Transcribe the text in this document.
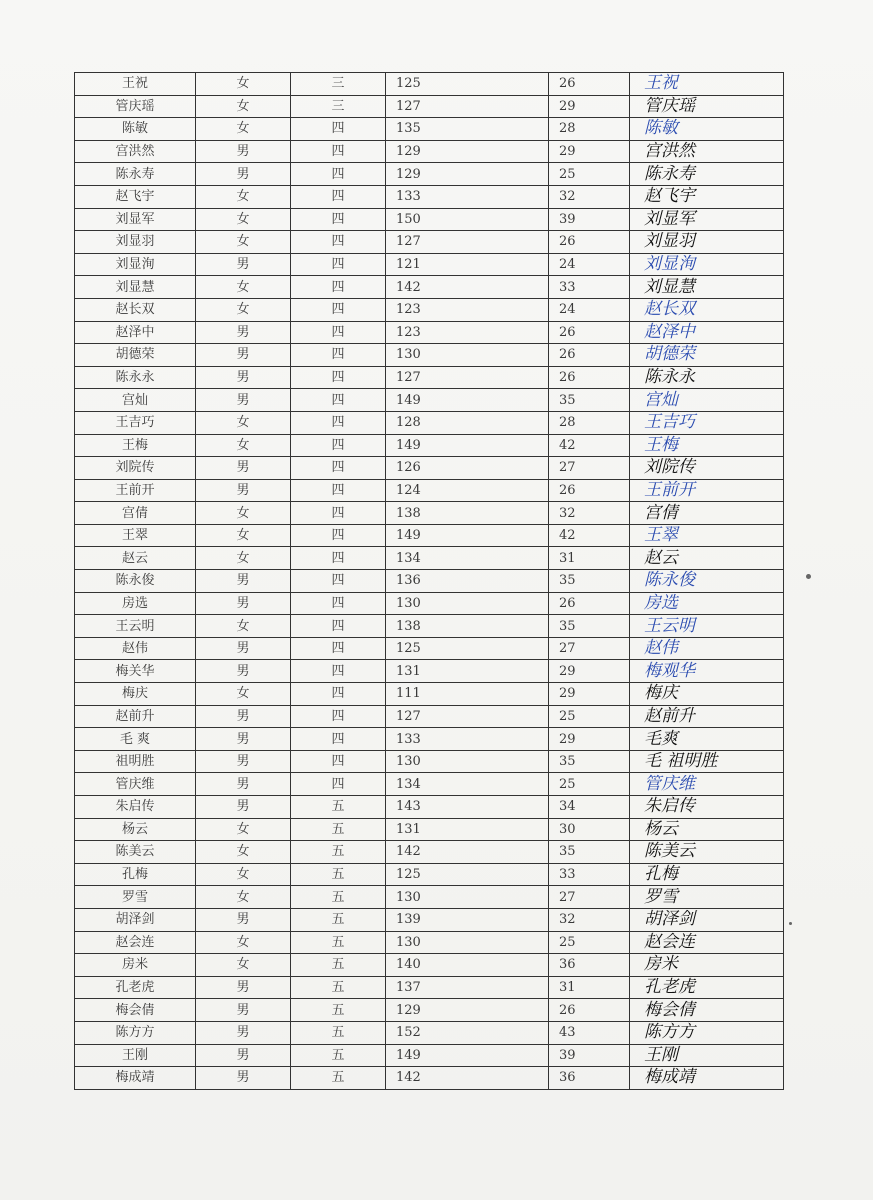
王祝	女	三	125	26	王祝
管庆瑶	女	三	127	29	管庆瑶
陈敏	女	四	135	28	陈敏
宫洪然	男	四	129	29	宫洪然
陈永寿	男	四	129	25	陈永寿
赵飞宇	女	四	133	32	赵飞宇
刘显军	女	四	150	39	刘显军
刘显羽	女	四	127	26	刘显羽
刘显洵	男	四	121	24	刘显洵
刘显慧	女	四	142	33	刘显慧
赵长双	女	四	123	24	赵长双
赵泽中	男	四	123	26	赵泽中
胡德荣	男	四	130	26	胡德荣
陈永永	男	四	127	26	陈永永
宫灿	男	四	149	35	宫灿
王吉巧	女	四	128	28	王吉巧
王梅	女	四	149	42	王梅
刘院传	男	四	126	27	刘院传
王前开	男	四	124	26	王前开
宫倩	女	四	138	32	宫倩
王翠	女	四	149	42	王翠
赵云	女	四	134	31	赵云
陈永俊	男	四	136	35	陈永俊
房选	男	四	130	26	房选
王云明	女	四	138	35	王云明
赵伟	男	四	125	27	赵伟
梅关华	男	四	131	29	梅观华
梅庆	女	四	111	29	梅庆
赵前升	男	四	127	25	赵前升
毛 爽	男	四	133	29	毛爽
祖明胜	男	四	130	35	毛 祖明胜
管庆维	男	四	134	25	管庆维
朱启传	男	五	143	34	朱启传
杨云	女	五	131	30	杨云
陈美云	女	五	142	35	陈美云
孔梅	女	五	125	33	孔梅
罗雪	女	五	130	27	罗雪
胡泽剑	男	五	139	32	胡泽剑
赵会连	女	五	130	25	赵会连
房米	女	五	140	36	房米
孔老虎	男	五	137	31	孔老虎
梅会倩	男	五	129	26	梅会倩
陈方方	男	五	152	43	陈方方
王刚	男	五	149	39	王刚
梅成靖	男	五	142	36	梅成靖
